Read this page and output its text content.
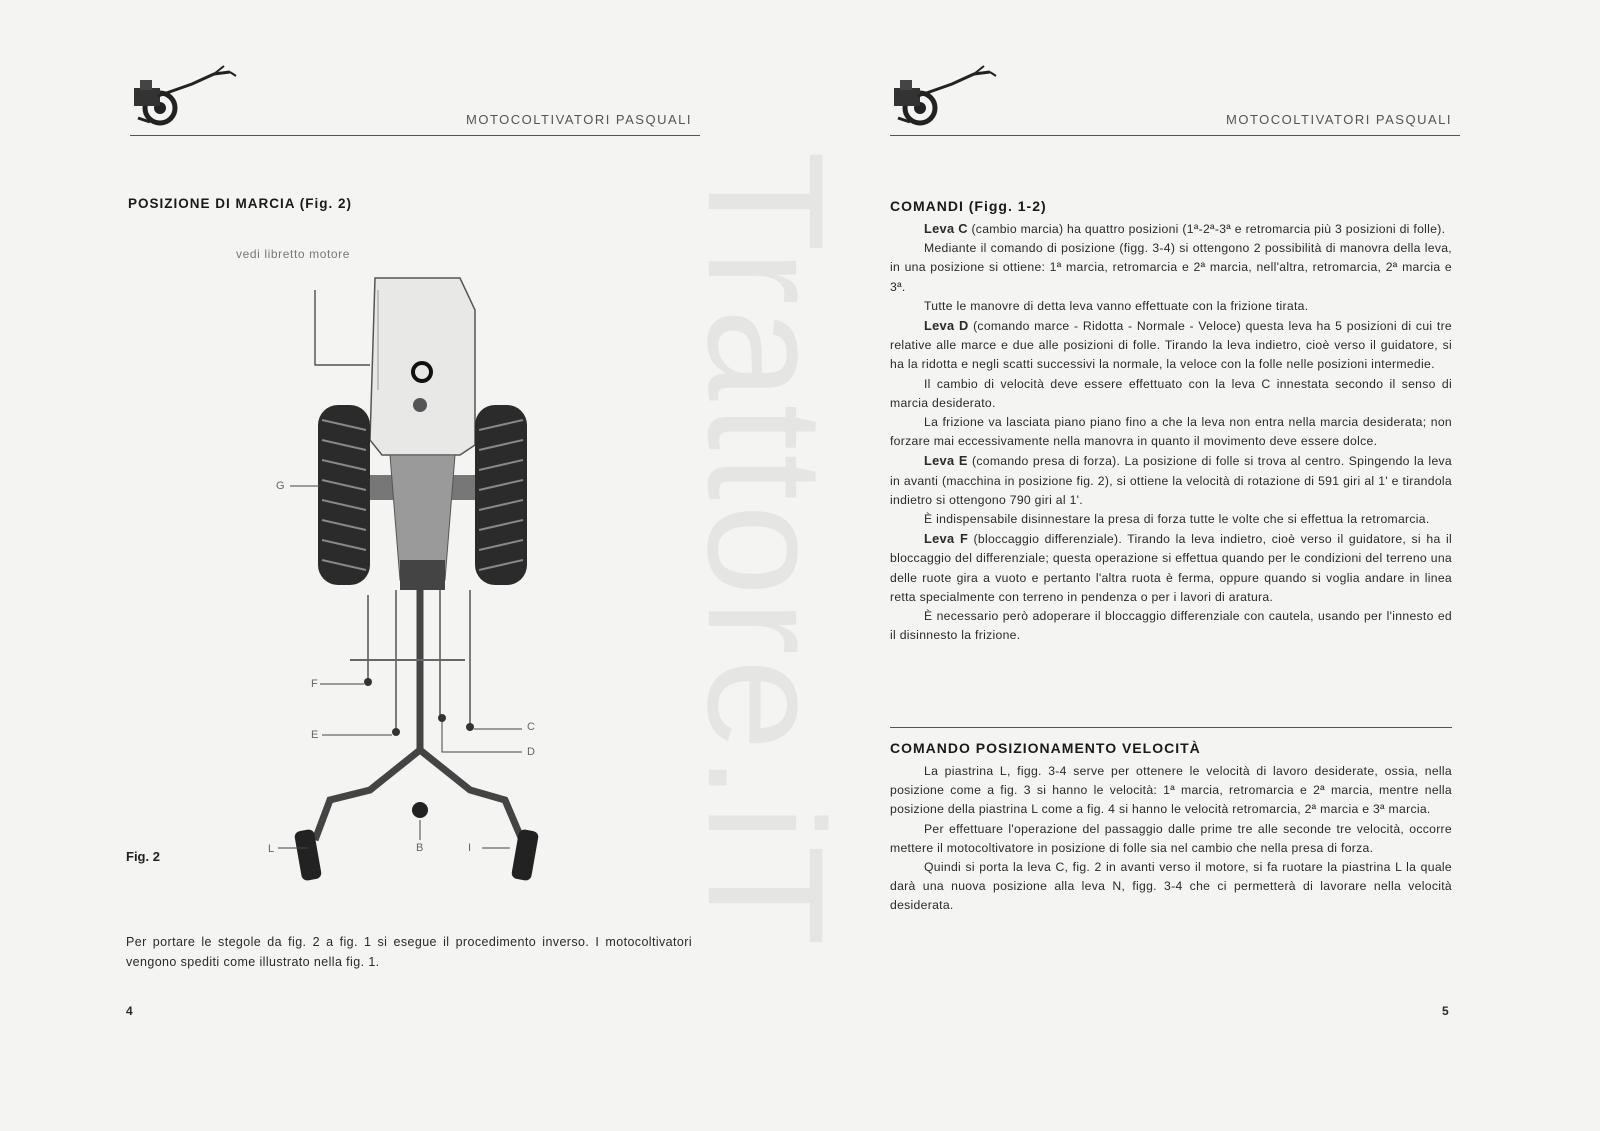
Trattore.iT
MOTOCOLTIVATORI PASQUALI
POSIZIONE DI MARCIA (Fig. 2)
vedi libretto motore
G
F
E
C
D
L	B	I
Fig. 2
Per portare le stegole da fig. 2 a fig. 1 si esegue il procedimento inverso. I motocoltivatori vengono spediti come illustrato nella fig. 1.
4
MOTOCOLTIVATORI PASQUALI
COMANDI (Figg. 1-2)

Leva C (cambio marcia) ha quattro posizioni (1ª-2ª-3ª e retromarcia più 3 posizioni di folle).

Mediante il comando di posizione (figg. 3-4) si ottengono 2 possibilità di manovra della leva, in una posizione si ottiene: 1ª marcia, retromarcia e 2ª marcia, nell'altra, retromarcia, 2ª marcia e 3ª.

Tutte le manovre di detta leva vanno effettuate con la frizione tirata.

Leva D (comando marce - Ridotta - Normale - Veloce) questa leva ha 5 posizioni di cui tre relative alle marce e due alle posizioni di folle. Tirando la leva indietro, cioè verso il guidatore, si ha la ridotta e negli scatti successivi la normale, la veloce con la folle nelle posizioni intermedie.

Il cambio di velocità deve essere effettuato con la leva C innestata secondo il senso di marcia desiderato.

La frizione va lasciata piano piano fino a che la leva non entra nella marcia desiderata; non forzare mai eccessivamente nella manovra in quanto il movimento deve essere dolce.

Leva E (comando presa di forza). La posizione di folle si trova al centro. Spingendo la leva in avanti (macchina in posizione fig. 2), si ottiene la velocità di rotazione di 591 giri al 1' e tirandola indietro si ottengono 790 giri al 1'.

È indispensabile disinnestare la presa di forza tutte le volte che si effettua la retromarcia.

Leva F (bloccaggio differenziale). Tirando la leva indietro, cioè verso il guidatore, si ha il bloccaggio del differenziale; questa operazione si effettua quando per le condizioni del terreno una delle ruote gira a vuoto e pertanto l'altra ruota è ferma, oppure quando si voglia andare in linea retta specialmente con terreno in pendenza o per i lavori di aratura.

È necessario però adoperare il bloccaggio differenziale con cautela, usando per l'innesto ed il disinnesto la frizione.

COMANDO POSIZIONAMENTO VELOCITÀ

La piastrina L, figg. 3-4 serve per ottenere le velocità di lavoro desiderate, ossia, nella posizione come a fig. 3 si hanno le velocità: 1ª marcia, retromarcia e 2ª marcia, mentre nella posizione della piastrina L come a fig. 4 si hanno le velocità retromarcia, 2ª marcia e 3ª marcia.

Per effettuare l'operazione del passaggio dalle prime tre alle seconde tre velocità, occorre mettere il motocoltivatore in posizione di folle sia nel cambio che nella presa di forza.

Quindi si porta la leva C, fig. 2 in avanti verso il motore, si fa ruotare la piastrina L la quale darà una nuova posizione alla leva N, figg. 3-4 che ci permetterà di lavorare nella velocità desiderata.

5
